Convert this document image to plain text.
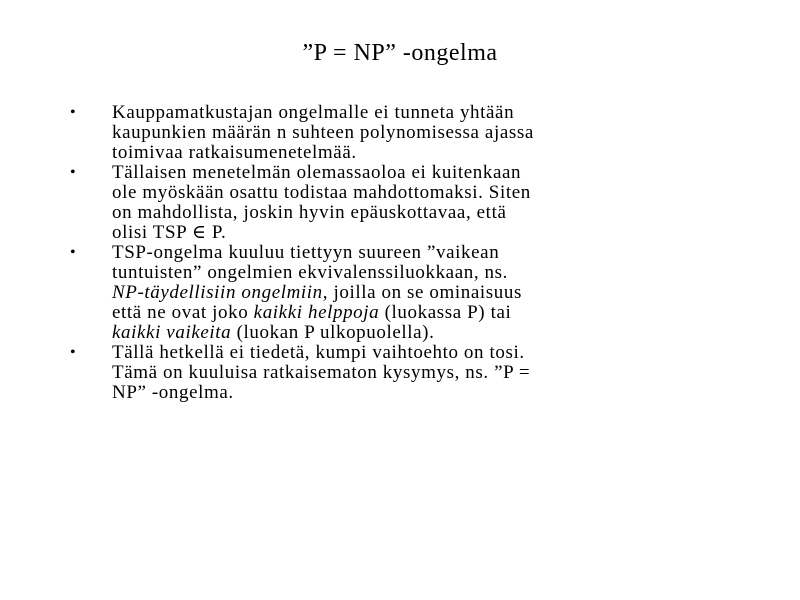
”P = NP” -ongelma
•	Kauppamatkustajan ongelmalle ei tunneta yhtään
kaupunkien määrän n suhteen polynomisessa ajassa
toimivaa ratkaisumenetelmää.
•	Tällaisen menetelmän olemassaoloa ei kuitenkaan
ole myöskään osattu todistaa mahdottomaksi. Siten
on mahdollista, joskin hyvin epäuskottavaa, että
olisi TSP ∈ P.
•	TSP-ongelma kuuluu tiettyyn suureen ”vaikean
tuntuisten” ongelmien ekvivalenssiluokkaan, ns.
NP-täydellisiin ongelmiin, joilla on se ominaisuus
että ne ovat joko kaikki helppoja (luokassa P) tai
kaikki vaikeita (luokan P ulkopuolella).
•	Tällä hetkellä ei tiedetä, kumpi vaihtoehto on tosi.
Tämä on kuuluisa ratkaisematon kysymys, ns. ”P =
NP” -ongelma.
